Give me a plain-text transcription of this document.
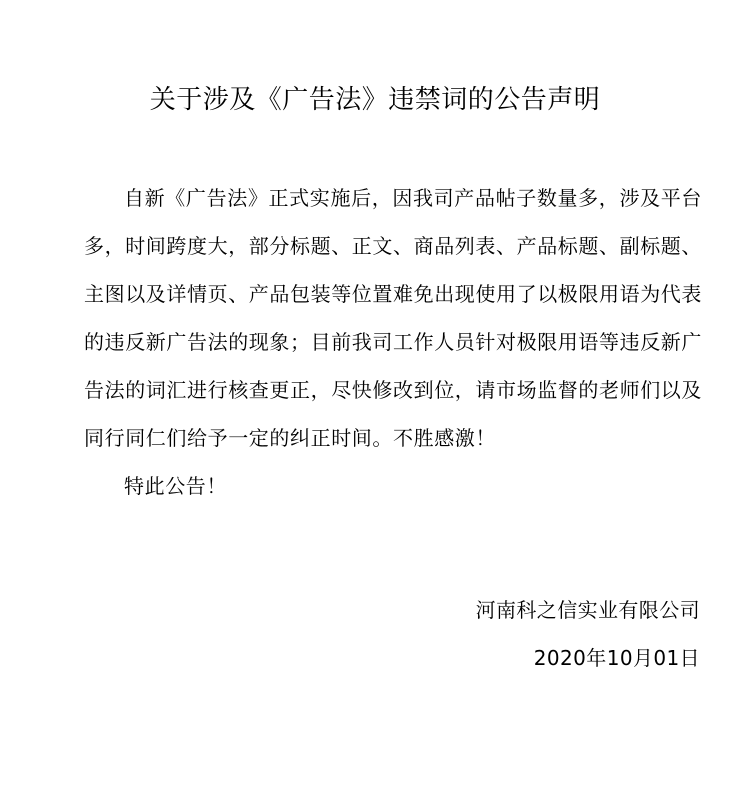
关于涉及《广告法》违禁词的公告声明

自新《广告法》正式实施后，因我司产品帖子数量多，涉及平台多，时间跨度大，部分标题、正文、商品列表、产品标题、副标题、主图以及详情页、产品包装等位置难免出现使用了以极限用语为代表的违反新广告法的现象；目前我司工作人员针对极限用语等违反新广告法的词汇进行核查更正，尽快修改到位，请市场监督的老师们以及同行同仁们给予一定的纠正时间。不胜感激！

特此公告！

河南科之信实业有限公司
2020年10月01日
